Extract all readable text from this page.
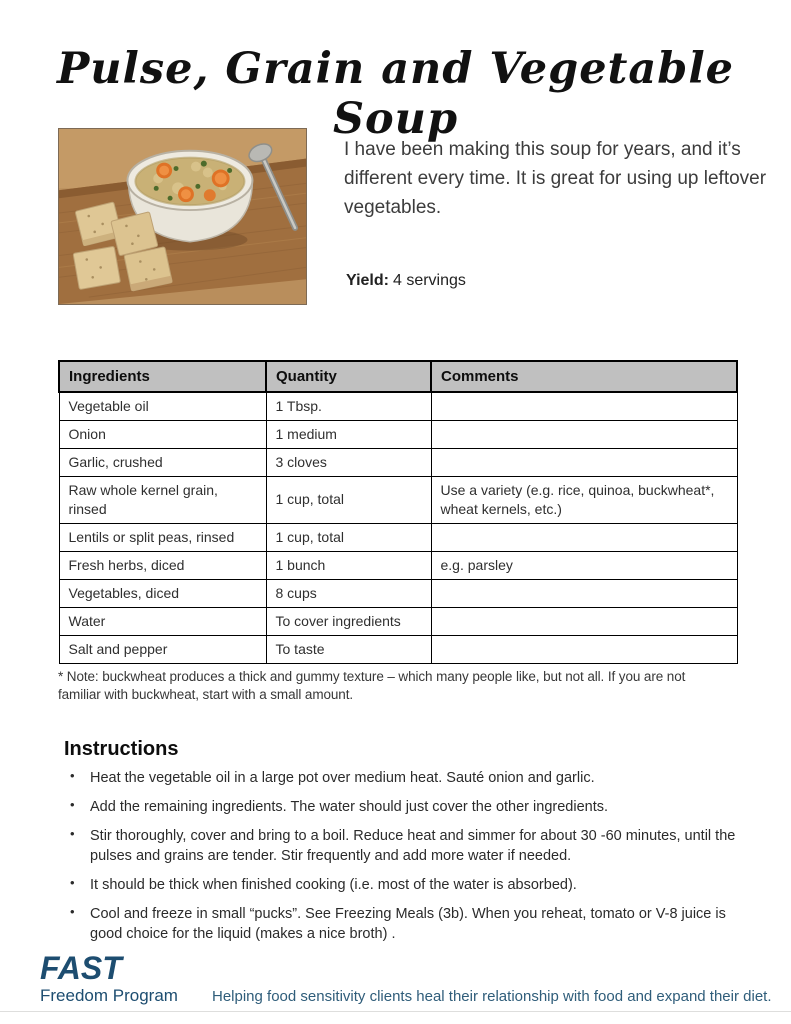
Pulse, Grain and Vegetable Soup

I have been making this soup for years, and it’s different every time. It is great for using up leftover vegetables.

Yield: 4 servings
Ingredients	Quantity	Comments
Vegetable oil	1 Tbsp.	
Onion	1 medium	
Garlic, crushed	3 cloves	
Raw whole kernel grain, rinsed	1 cup, total	Use a variety (e.g. rice, quinoa, buckwheat*, wheat kernels, etc.)
Lentils or split peas, rinsed	1 cup, total	
Fresh herbs, diced	1 bunch	e.g. parsley
Vegetables, diced	8 cups	
Water	To cover ingredients	
Salt and pepper	To taste	

* Note: buckwheat produces a thick and gummy texture – which many people like, but not all. If you are not familiar with buckwheat, start with a small amount.

Instructions
• Heat the vegetable oil in a large pot over medium heat. Sauté onion and garlic.
• Add the remaining ingredients. The water should just cover the other ingredients.
• Stir thoroughly, cover and bring to a boil. Reduce heat and simmer for about 30 -60 minutes, until the pulses and grains are tender. Stir frequently and add more water if needed.
• It should be thick when finished cooking (i.e. most of the water is absorbed).
• Cool and freeze in small “pucks”. See Freezing Meals (3b). When you reheat, tomato or V-8 juice is good choice for the liquid (makes a nice broth) .
FAST
Freedom Program Helping food sensitivity clients heal their relationship with food and expand their diet.
